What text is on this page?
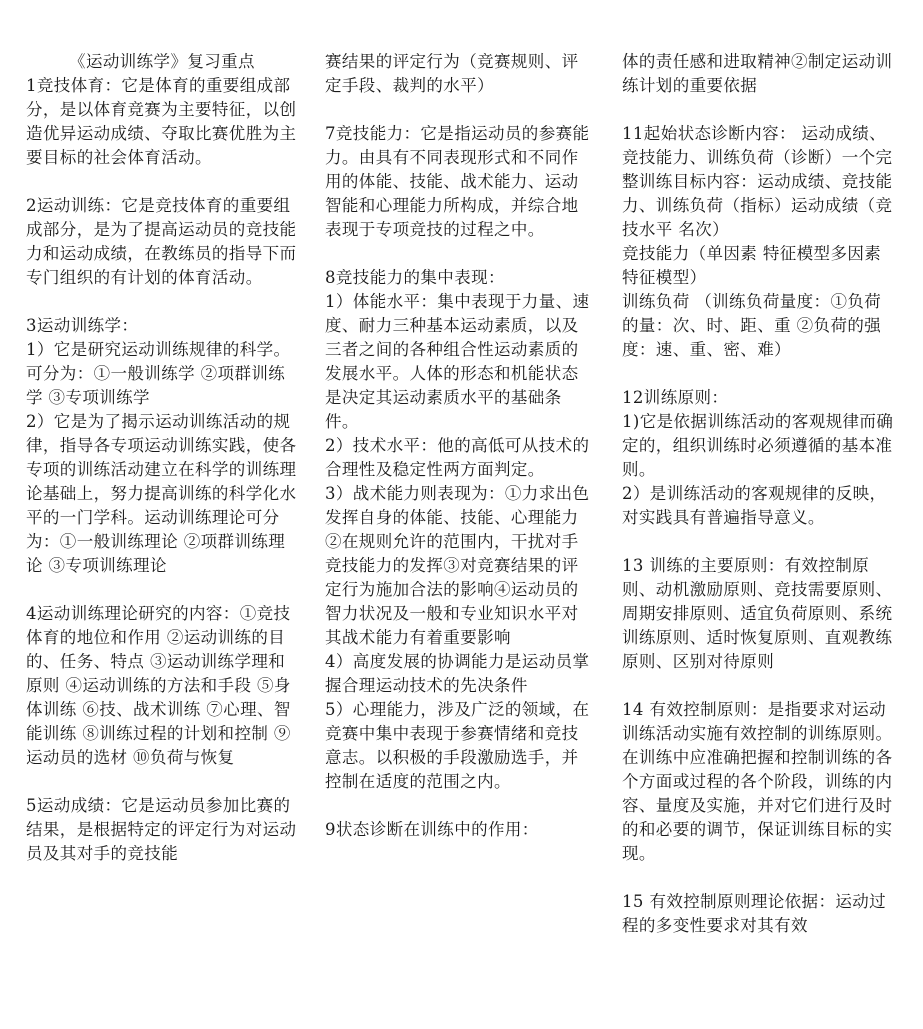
《运动训练学》复习重点

1竞技体育：它是体育的重要组成部分，是以体育竞赛为主要特征，以创造优异运动成绩、夺取比赛优胜为主要目标的社会体育活动。

2运动训练：它是竞技体育的重要组成部分，是为了提高运动员的竞技能力和运动成绩，在教练员的指导下而专门组织的有计划的体育活动。

3运动训练学：

1）它是研究运动训练规律的科学。可分为：①一般训练学 ②项群训练学 ③专项训练学

2）它是为了揭示运动训练活动的规律，指导各专项运动训练实践，使各专项的训练活动建立在科学的训练理论基础上，努力提高训练的科学化水平的一门学科。运动训练理论可分为：①一般训练理论 ②项群训练理论 ③专项训练理论

4运动训练理论研究的内容：①竞技体育的地位和作用 ②运动训练的目的、任务、特点 ③运动训练学理和原则 ④运动训练的方法和手段 ⑤身体训练 ⑥技、战术训练 ⑦心理、智能训练 ⑧训练过程的计划和控制 ⑨运动员的选材 ⑩负荷与恢复

5运动成绩：它是运动员参加比赛的结果，是根据特定的评定行为对运动员及其对手的竞技能

赛结果的评定行为（竞赛规则、评定手段、裁判的水平）

7竞技能力：它是指运动员的参赛能力。由具有不同表现形式和不同作用的体能、技能、战术能力、运动智能和心理能力所构成，并综合地表现于专项竞技的过程之中。

8竞技能力的集中表现：

1）体能水平：集中表现于力量、速度、耐力三种基本运动素质，以及三者之间的各种组合性运动素质的发展水平。人体的形态和机能状态是决定其运动素质水平的基础条件。

2）技术水平：他的高低可从技术的合理性及稳定性两方面判定。

3）战术能力则表现为：①力求出色发挥自身的体能、技能、心理能力

②在规则允许的范围内，干扰对手竞技能力的发挥③对竞赛结果的评定行为施加合法的影响④运动员的智力状况及一般和专业知识水平对其战术能力有着重要影响

4）高度发展的协调能力是运动员掌握合理运动技术的先决条件

5）心理能力，涉及广泛的领域，在竞赛中集中表现于参赛情绪和竞技意志。以积极的手段激励选手，并控制在适度的范围之内。

9状态诊断在训练中的作用：

体的责任感和进取精神②制定运动训练计划的重要依据

11起始状态诊断内容： 运动成绩、竞技能力、训练负荷（诊断）一个完整训练目标内容：运动成绩、竞技能力、训练负荷（指标）运动成绩（竞技水平 名次）

竞技能力（单因素 特征模型多因素 特征模型）

训练负荷 （训练负荷量度：①负荷的量：次、时、距、重 ②负荷的强度：速、重、密、难）

12训练原则：

1)它是依据训练活动的客观规律而确定的，组织训练时必须遵循的基本准则。

2）是训练活动的客观规律的反映，对实践具有普遍指导意义。

13 训练的主要原则：有效控制原则、动机激励原则、竞技需要原则、周期安排原则、适宜负荷原则、系统训练原则、适时恢复原则、直观教练原则、区别对待原则

14 有效控制原则：是指要求对运动训练活动实施有效控制的训练原则。在训练中应准确把握和控制训练的各个方面或过程的各个阶段，训练的内容、量度及实施，并对它们进行及时的和必要的调节，保证训练目标的实现。

15 有效控制原则理论依据：运动过程的多变性要求对其有效
